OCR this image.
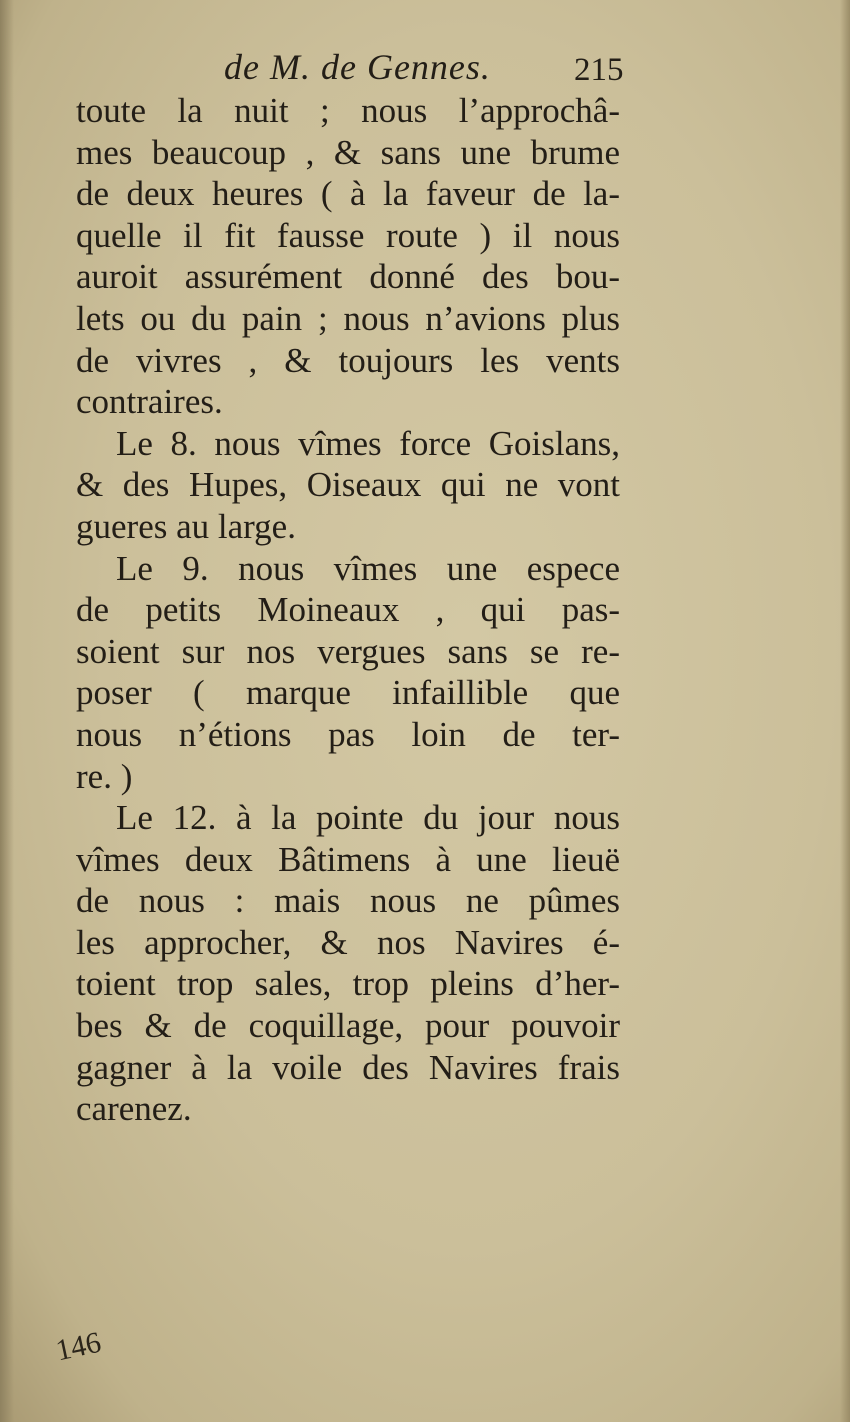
de M. de Gennes.	215
toute la nuit ; nous l’approchâ-
mes beaucoup , & sans une brume
de deux heures ( à la faveur de la-
quelle il fit fausse route ) il nous
auroit assurément donné des bou-
lets ou du pain ; nous n’avions plus
de vivres , & toujours les vents
contraires.
Le 8. nous vîmes force Goislans,
& des Hupes, Oiseaux qui ne vont
gueres au large.
Le 9. nous vîmes une espece
de petits Moineaux , qui pas-
soient sur nos vergues sans se re-
poser ( marque infaillible que
nous n’étions pas loin de ter-
re. )
Le 12. à la pointe du jour nous
vîmes deux Bâtimens à une lieuë
de nous : mais nous ne pûmes
les approcher, & nos Navires é-
toient trop sales, trop pleins d’her-
bes & de coquillage, pour pouvoir
gagner à la voile des Navires frais
carenez.
146
